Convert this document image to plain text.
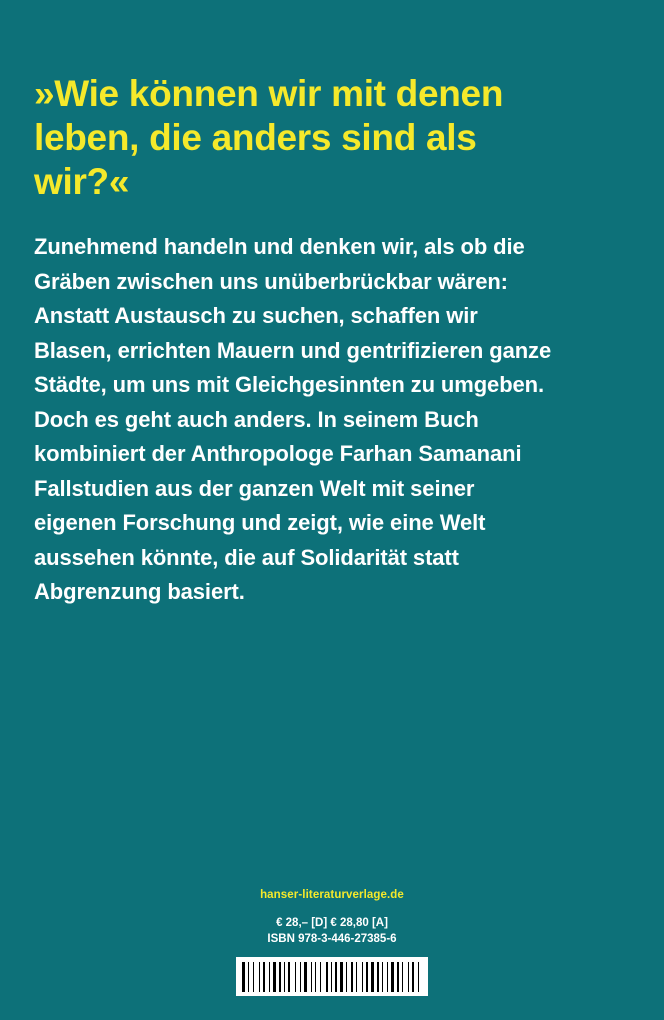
»Wie können wir mit denen leben, die anders sind als wir?«

Zunehmend handeln und denken wir, als ob die Gräben zwischen uns unüberbrückbar wären: Anstatt Austausch zu suchen, schaffen wir Blasen, errichten Mauern und gentrifizieren ganze Städte, um uns mit Gleichgesinnten zu umgeben. Doch es geht auch anders. In seinem Buch kombiniert der Anthropologe Farhan Samanani Fallstudien aus der ganzen Welt mit seiner eigenen Forschung und zeigt, wie eine Welt aussehen könnte, die auf Solidarität statt Abgrenzung basiert.

hanser-literaturverlage.de
€ 28,– [D] € 28,80 [A]
ISBN 978-3-446-27385-6
